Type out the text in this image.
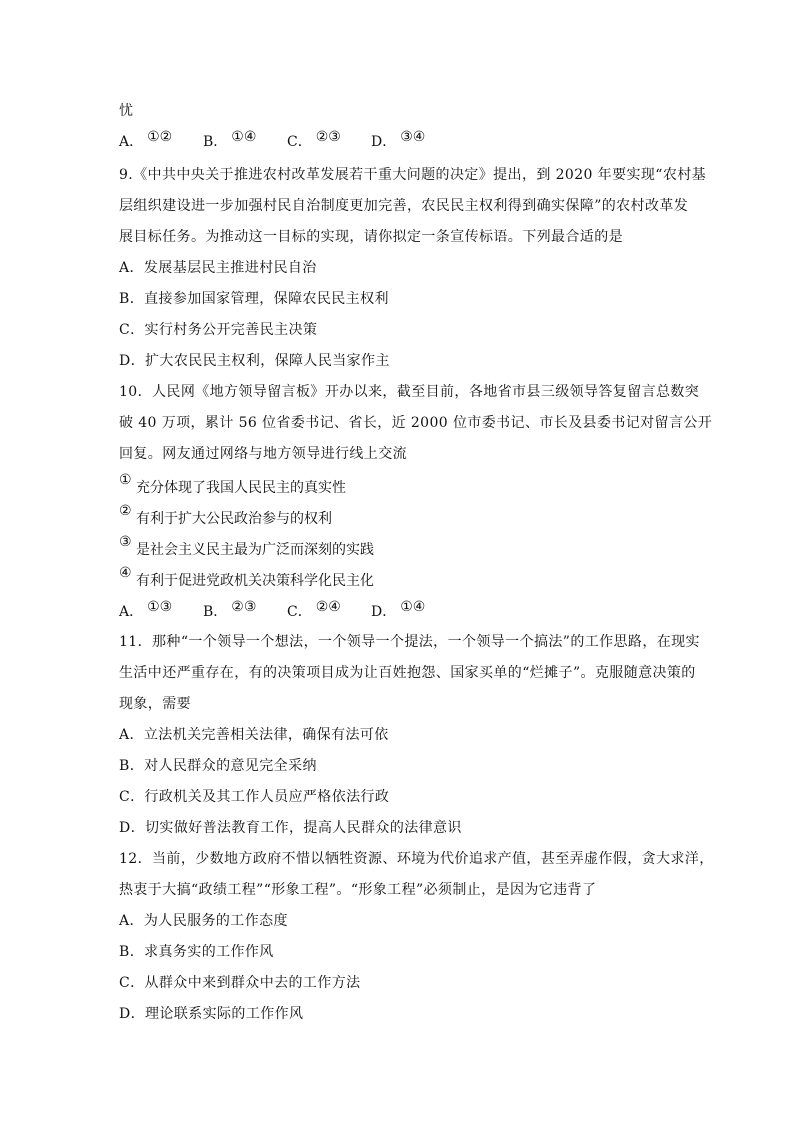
忧
A． ①② B． ①④ C． ②③ D． ③④
9.《中共中央关于推进农村改革发展若干重大问题的决定》提出，到 2020 年要实现“农村基
层组织建设进一步加强村民自治制度更加完善，农民民主权利得到确实保障”的农村改革发
展目标任务。为推动这一目标的实现，请你拟定一条宣传标语。下列最合适的是
A．发展基层民主推进村民自治
B．直接参加国家管理，保障农民民主权利
C．实行村务公开完善民主决策
D．扩大农民民主权利，保障人民当家作主
10．人民网《地方领导留言板》开办以来，截至目前，各地省市县三级领导答复留言总数突
破 40 万项，累计 56 位省委书记、省长，近 2000 位市委书记、市长及县委书记对留言公开
回复。网友通过网络与地方领导进行线上交流
① 充分体现了我国人民民主的真实性
② 有利于扩大公民政治参与的权利
③ 是社会主义民主最为广泛而深刻的实践
④ 有利于促进党政机关决策科学化民主化
A． ①③ B． ②③ C． ②④ D． ①④
11．那种“一个领导一个想法，一个领导一个提法，一个领导一个搞法”的工作思路，在现实
生活中还严重存在，有的决策项目成为让百姓抱怨、国家买单的“烂摊子”。克服随意决策的
现象，需要
A．立法机关完善相关法律，确保有法可依
B．对人民群众的意见完全采纳
C．行政机关及其工作人员应严格依法行政
D．切实做好普法教育工作，提高人民群众的法律意识
12．当前，少数地方政府不惜以牺牲资源、环境为代价追求产值，甚至弄虚作假，贪大求洋，
热衷于大搞“政绩工程”“形象工程”。“形象工程”必须制止，是因为它违背了
A．为人民服务的工作态度
B．求真务实的工作作风
C．从群众中来到群众中去的工作方法
D．理论联系实际的工作作风
